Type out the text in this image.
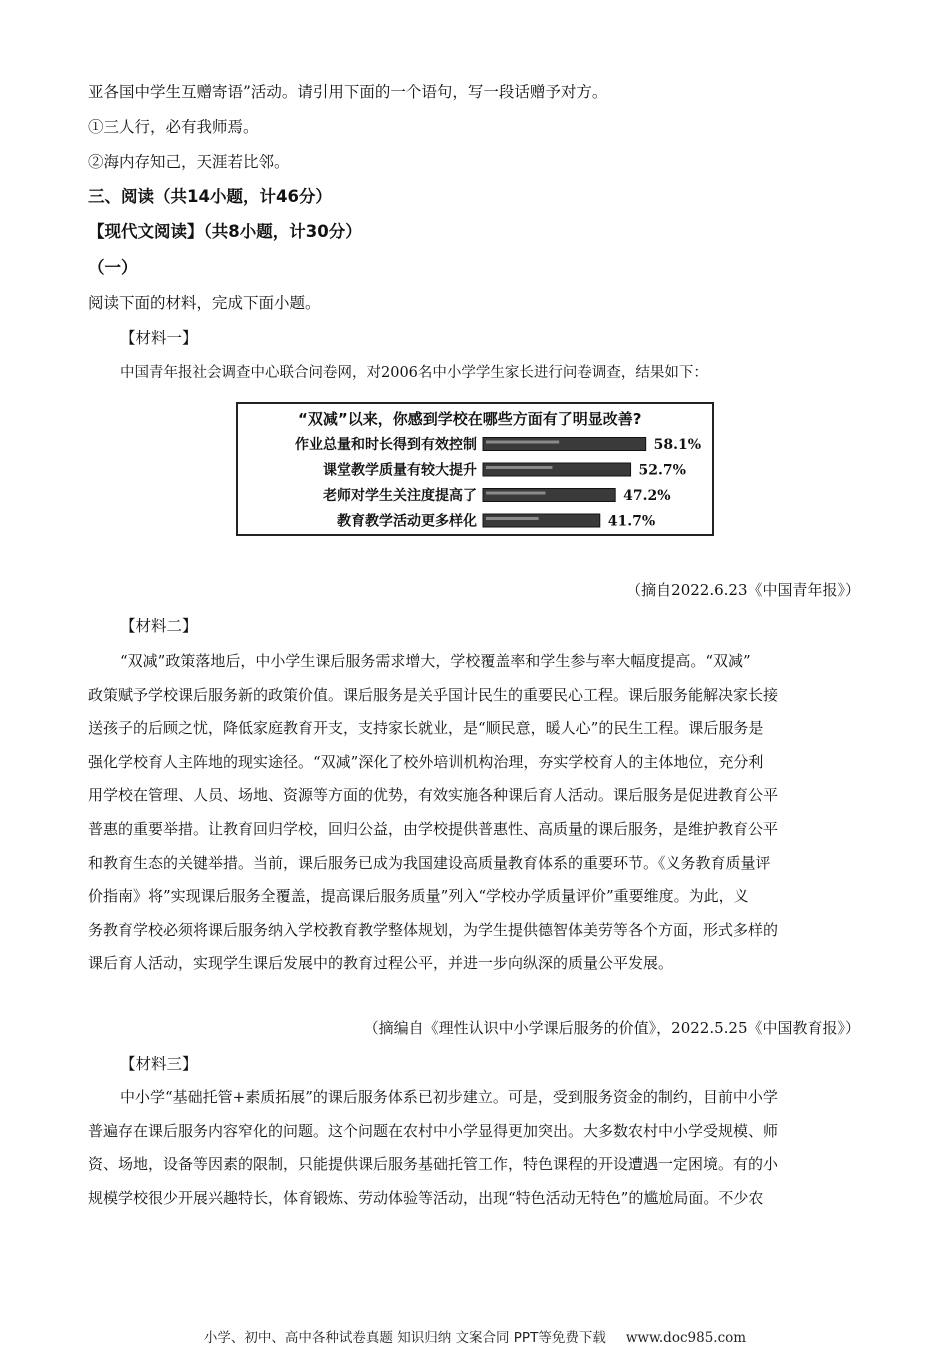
亚各国中学生互赠寄语”活动。请引用下面的一个语句，写一段话赠予对方。
①三人行，必有我师焉。
②海内存知己，天涯若比邻。
三、阅读（共14小题，计46分）
【现代文阅读】（共8小题，计30分）
（一）
阅读下面的材料，完成下面小题。
【材料一】
中国青年报社会调查中心联合问卷网，对2006名中小学学生家长进行问卷调查，结果如下：
“双减”以来，你感到学校在哪些方面有了明显改善?
作业总量和时长得到有效控制	58.1%
课堂教学质量有较大提升	52.7%
老师对学生关注度提高了	47.2%
教育教学活动更多样化	41.7%
（摘自2022.6.23《中国青年报》）
【材料二】
“双减”政策落地后，中小学生课后服务需求增大，学校覆盖率和学生参与率大幅度提高。“双减”
政策赋予学校课后服务新的政策价值。课后服务是关乎国计民生的重要民心工程。课后服务能解决家长接
送孩子的后顾之忧，降低家庭教育开支，支持家长就业，是“顺民意，暖人心”的民生工程。课后服务是
强化学校育人主阵地的现实途径。“双减”深化了校外培训机构治理，夯实学校育人的主体地位，充分利
用学校在管理、人员、场地、资源等方面的优势，有效实施各种课后育人活动。课后服务是促进教育公平
普惠的重要举措。让教育回归学校，回归公益，由学校提供普惠性、高质量的课后服务，是维护教育公平
和教育生态的关键举措。当前，课后服务已成为我国建设高质量教育体系的重要环节。《义务教育质量评
价指南》将”实现课后服务全覆盖，提高课后服务质量”列入“学校办学质量评价”重要维度。为此，义
务教育学校必须将课后服务纳入学校教育教学整体规划，为学生提供德智体美劳等各个方面，形式多样的
课后育人活动，实现学生课后发展中的教育过程公平，并进一步向纵深的质量公平发展。
（摘编自《理性认识中小学课后服务的价值》，2022.5.25《中国教育报》）
【材料三】
中小学“基础托管+素质拓展”的课后服务体系已初步建立。可是，受到服务资金的制约，目前中小学
普遍存在课后服务内容窄化的问题。这个问题在农村中小学显得更加突出。大多数农村中小学受规模、师
资、场地，设备等因素的限制，只能提供课后服务基础托管工作，特色课程的开设遭遇一定困境。有的小
规模学校很少开展兴趣特长，体育锻炼、劳动体验等活动，出现“特色活动无特色”的尴尬局面。不少农
小学、初中、高中各种试卷真题 知识归纳 文案合同 PPT等免费下载 www.doc985.com
